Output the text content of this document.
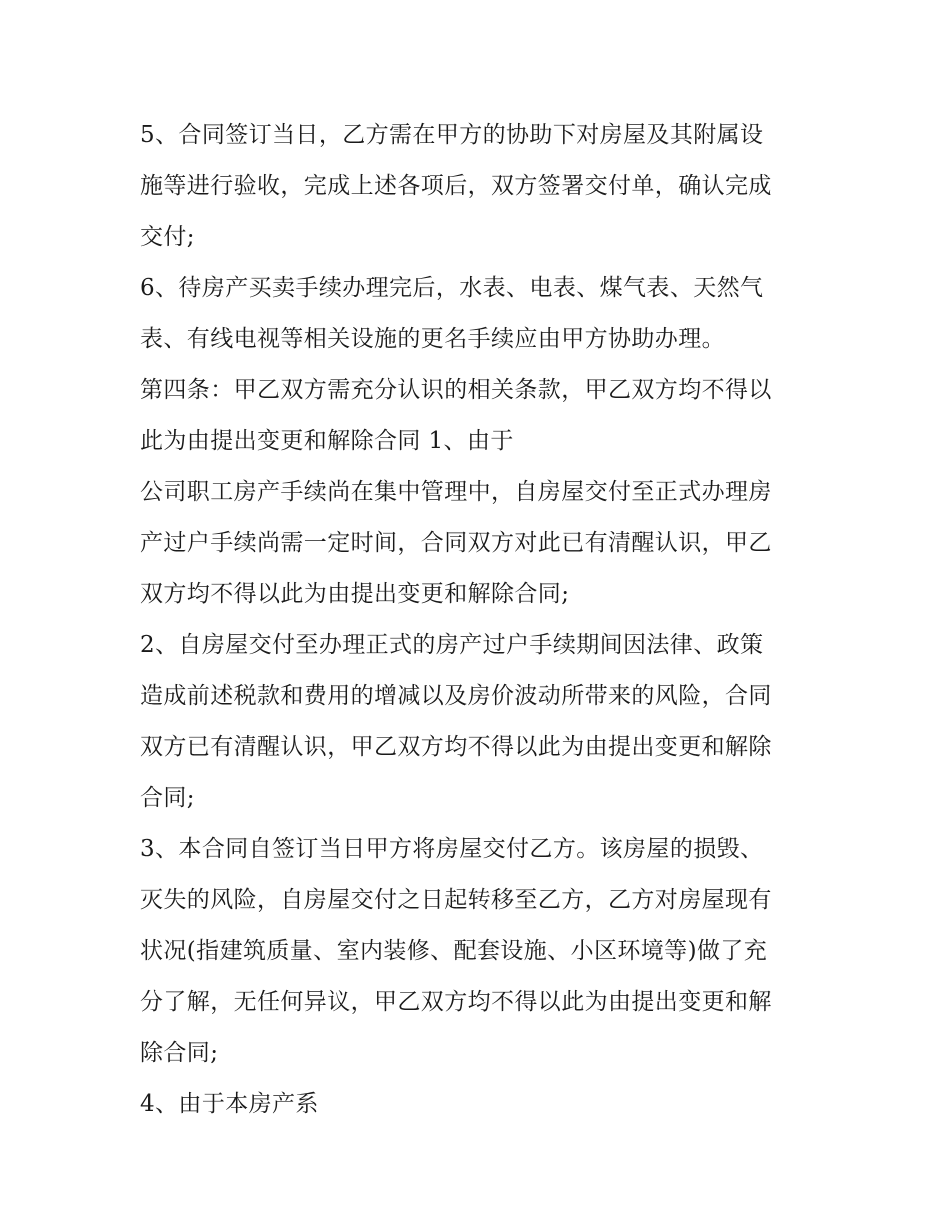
5、合同签订当日，乙方需在甲方的协助下对房屋及其附属设
施等进行验收，完成上述各项后，双方签署交付单，确认完成
交付;
6、待房产买卖手续办理完后，水表、电表、煤气表、天然气
表、有线电视等相关设施的更名手续应由甲方协助办理。
第四条：甲乙双方需充分认识的相关条款，甲乙双方均不得以
此为由提出变更和解除合同 1、由于
公司职工房产手续尚在集中管理中，自房屋交付至正式办理房
产过户手续尚需一定时间，合同双方对此已有清醒认识，甲乙
双方均不得以此为由提出变更和解除合同;
2、自房屋交付至办理正式的房产过户手续期间因法律、政策
造成前述税款和费用的增减以及房价波动所带来的风险，合同
双方已有清醒认识，甲乙双方均不得以此为由提出变更和解除
合同;
3、本合同自签订当日甲方将房屋交付乙方。该房屋的损毁、
灭失的风险，自房屋交付之日起转移至乙方，乙方对房屋现有
状况(指建筑质量、室内装修、配套设施、小区环境等)做了充
分了解，无任何异议，甲乙双方均不得以此为由提出变更和解
除合同;
4、由于本房产系
